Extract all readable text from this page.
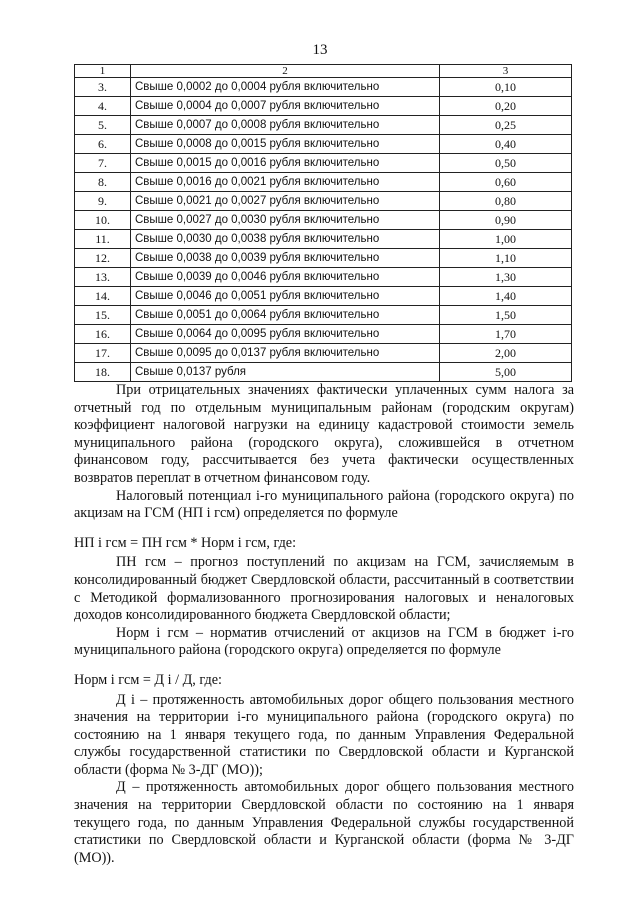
13
1	2	3
3.	Свыше 0,0002 до 0,0004 рубля включительно	0,10
4.	Свыше 0,0004 до 0,0007 рубля включительно	0,20
5.	Свыше 0,0007 до 0,0008 рубля включительно	0,25
6.	Свыше 0,0008 до 0,0015 рубля включительно	0,40
7.	Свыше 0,0015 до 0,0016 рубля включительно	0,50
8.	Свыше 0,0016 до 0,0021 рубля включительно	0,60
9.	Свыше 0,0021 до 0,0027 рубля включительно	0,80
10.	Свыше 0,0027 до 0,0030 рубля включительно	0,90
11.	Свыше 0,0030 до 0,0038 рубля включительно	1,00
12.	Свыше 0,0038 до 0,0039 рубля включительно	1,10
13.	Свыше 0,0039 до 0,0046 рубля включительно	1,30
14.	Свыше 0,0046 до 0,0051 рубля включительно	1,40
15.	Свыше 0,0051 до 0,0064 рубля включительно	1,50
16.	Свыше 0,0064 до 0,0095 рубля включительно	1,70
17.	Свыше 0,0095 до 0,0137 рубля включительно	2,00
18.	Свыше 0,0137 рубля	5,00

При отрицательных значениях фактически уплаченных сумм налога за отчетный год по отдельным муниципальным районам (городским округам) коэффициент налоговой нагрузки на единицу кадастровой стоимости земель муниципального района (городского округа), сложившейся в отчетном финансовом году, рассчитывается без учета фактически осуществленных возвратов переплат в отчетном финансовом году.

Налоговый потенциал i-го муниципального района (городского округа) по акцизам на ГСМ (НП i гсм) определяется по формуле

НП i гсм = ПН гсм * Норм i гсм, где:

ПН гсм – прогноз поступлений по акцизам на ГСМ, зачисляемым в консолидированный бюджет Свердловской области, рассчитанный в соответствии с Методикой формализованного прогнозирования налоговых и неналоговых доходов консолидированного бюджета Свердловской области;

Норм i гсм – норматив отчислений от акцизов на ГСМ в бюджет i-го муниципального района (городского округа) определяется по формуле

Норм i гсм = Д i / Д, где:

Д i – протяженность автомобильных дорог общего пользования местного значения на территории i-го муниципального района (городского округа) по состоянию на 1 января текущего года, по данным Управления Федеральной службы государственной статистики по Свердловской области и Курганской области (форма № 3-ДГ (МО));

Д – протяженность автомобильных дорог общего пользования местного значения на территории Свердловской области по состоянию на 1 января текущего года, по данным Управления Федеральной службы государственной статистики по Свердловской области и Курганской области (форма № 3-ДГ (МО)).
